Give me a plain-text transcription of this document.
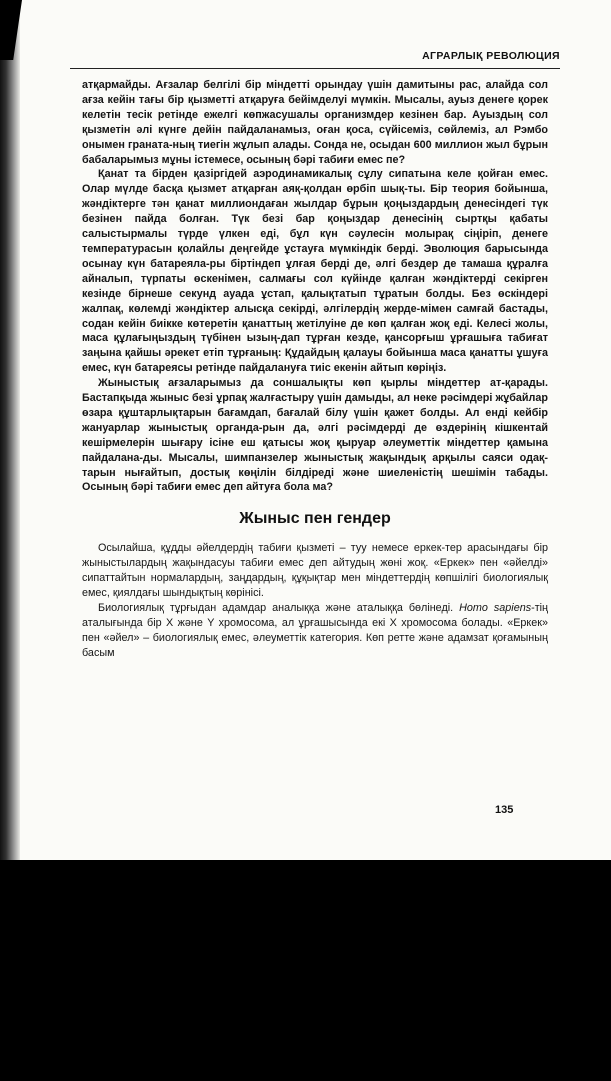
АГРАРЛЫҚ РЕВОЛЮЦИЯ

атқармайды. Ағзалар белгілі бір міндетті орындау үшін дамитыны рас, алайда сол ағза кейін тағы бір қызметті атқаруға бейімделуі мүмкін. Мысалы, ауыз денеге қорек келетін тесік ретінде ежелгі көпжасушалы организмдер кезінен бар. Ауыздың сол қызметін әлі күнге дейін пайдаланамыз, оған қоса, сүйісеміз, сөйлеміз, ал Рэмбо онымен граната-ның тиегін жұлып алады. Сонда не, осыдан 600 миллион жыл бұрын бабаларымыз мұны істемесе, осының бәрі табиғи емес пе?

Қанат та бірден қазіргідей аэродинамикалық сұлу сипатына келе қойған емес. Олар мүлде басқа қызмет атқарған аяқ-қолдан өрбіп шық-ты. Бір теория бойынша, жәндіктерге тән қанат миллиондаған жылдар бұрын қоңыздардың денесіндегі түк безінен пайда болған. Түк безі бар қоңыздар денесінің сыртқы қабаты салыстырмалы түрде үлкен еді, бұл күн сәулесін молырақ сіңіріп, денеге температурасын қолайлы деңгейде ұстауға мүмкіндік берді. Эволюция барысында осынау күн батареяла-ры біртіндеп ұлғая берді де, әлгі бездер де тамаша құралға айналып, түрпаты өскенімен, салмағы сол күйінде қалған жәндіктерді секірген кезінде бірнеше секунд ауада ұстап, қалықтатып тұратын болды. Без өскіндері жалпақ, көлемді жәндіктер алысқа секірді, әлгілердің жерде-мімен самғай бастады, содан кейін биікке көтеретін қанаттың жетілуіне де көп қалған жоқ еді. Келесі жолы, маса құлағыңыздың түбінен ызың-дап тұрған кезде, қансорғыш ұрғашыға табиғат заңына қайшы әрекет етіп тұрғаның: Құдайдың қалауы бойынша маса қанатты ұшуға емес, күн батареясы ретінде пайдалануға тиіс екенін айтып көріңіз.

Жыныстық ағзаларымыз да соншалықты көп қырлы міндеттер ат-қарады. Бастапқыда жыныс безі ұрпақ жалғастыру үшін дамыды, ал неке рәсімдері жұбайлар өзара құштарлықтарын бағамдап, бағалай білу үшін қажет болды. Ал енді кейбір жануарлар жыныстық органда-рын да, әлгі рәсімдерді де өздерінің кішкентай кешірмелерін шығару ісіне еш қатысы жоқ қыруар әлеуметтік міндеттер қамына пайдалана-ды. Мысалы, шимпанзелер жыныстық жақындық арқылы саяси одақ-тарын нығайтып, достық көңілін білдіреді және шиеленістің шешімін табады. Осының бәрі табиғи емес деп айтуға бола ма?

Жыныс пен гендер

Осылайша, құдды әйелдердің табиғи қызметі – туу немесе еркек-тер арасындағы бір жыныстылардың жақындасуы табиғи емес деп айтудың жөні жоқ. «Еркек» пен «әйелді» сипаттайтын нормалардың, заңдардың, құқықтар мен міндеттердің көпшілігі биологиялық емес, қиялдағы шындықтың көрінісі.

Биологиялық тұрғыдан адамдар аналыққа және аталыққа бөлінеді. Homo sapiens-тің аталығында бір Х және Y хромосома, ал ұрғашысында екі Х хромосома болады. «Еркек» пен «әйел» – биологиялық емес, әлеуметтік категория. Көп ретте және адамзат қоғамының басым

135
